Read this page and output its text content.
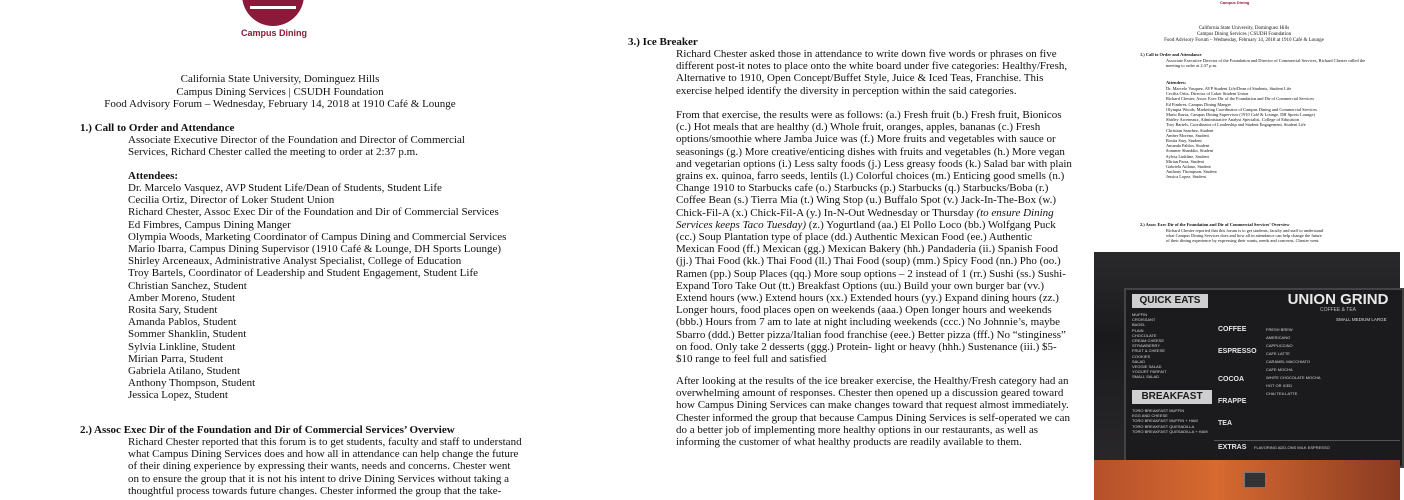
Campus Dining
California State University, Dominguez Hills
Campus Dining Services | CSUDH Foundation
Food Advisory Forum – Wednesday, February 14, 2018 at 1910 Café & Lounge
1.) Call to Order and Attendance
Associate Executive Director of the Foundation and Director of Commercial Services, Richard Chester called the meeting to order at 2:37 p.m.
Attendees:
Dr. Marcelo Vasquez, AVP Student Life/Dean of Students, Student Life
Cecilia Ortiz, Director of Loker Student Union
Richard Chester, Assoc Exec Dir of the Foundation and Dir of Commercial Services
Ed Fimbres, Campus Dining Manger
Olympia Woods, Marketing Coordinator of Campus Dining and Commercial Services
Mario Ibarra, Campus Dining Supervisor (1910 Café & Lounge, DH Sports Lounge)
Shirley Arceneaux, Administrative Analyst Specialist, College of Education
Troy Bartels, Coordinator of Leadership and Student Engagement, Student Life
Christian Sanchez, Student
Amber Moreno, Student
Rosita Sary, Student
Amanda Pablos, Student
Sommer Shanklin, Student
Sylvia Linkline, Student
Mirian Parra, Student
Gabriela Atilano, Student
Anthony Thompson, Student
Jessica Lopez, Student
2.) Assoc Exec Dir of the Foundation and Dir of Commercial Services’ Overview
Richard Chester reported that this forum is to get students, faculty and staff to understand
what Campus Dining Services does and how all in attendance can help change the future
of their dining experience by expressing their wants, needs and concerns. Chester went
on to ensure the group that it is not his intent to drive Dining Services without taking a
thoughtful process towards future changes. Chester informed the group that the take-
3.) Ice Breaker
Richard Chester asked those in attendance to write down five words or phrases on five
different post-it notes to place onto the white board under five categories: Healthy/Fresh,
Alternative to 1910, Open Concept/Buffet Style, Juice & Iced Teas, Franchise. This
exercise helped identify the diversity in perception within the said categories.
From that exercise, the results were as follows: (a.) Fresh fruit (b.) Fresh fruit, Bionicos
(c.) Hot meals that are healthy (d.) Whole fruit, oranges, apples, bananas (c.) Fresh
options/smoothie where Jamba Juice was (f.) More fruits and vegetables with sauce or
seasonings (g.) More creative/enticing dishes with fruits and vegetables (h.) More vegan
and vegetarian options (i.) Less salty foods (j.) Less greasy foods (k.) Salad bar with plain
grains ex. quinoa, farro seeds, lentils (l.) Colorful choices (m.) Enticing good smells (n.)
Change 1910 to Starbucks cafe (o.) Starbucks (p.) Starbucks (q.) Starbucks/Boba (r.)
Coffee Bean (s.) Tierra Mia (t.) Wing Stop (u.) Buffalo Spot (v.) Jack-In-The-Box (w.)
Chick-Fil-A (x.) Chick-Fil-A (y.) In-N-Out Wednesday or Thursday (to ensure Dining
Services keeps Taco Tuesday) (z.) Yogurtland (aa.) El Pollo Loco (bb.) Wolfgang Puck
(cc.) Soup Plantation type of place (dd.) Authentic Mexican Food (ee.) Authentic
Mexican Food (ff.) Mexican (gg.) Mexican Bakery (hh.) Pandaderia (ii.) Spanish Food
(jj.) Thai Food (kk.) Thai Food (ll.) Thai Food (soup) (mm.) Spicy Food (nn.) Pho (oo.)
Ramen (pp.) Soup Places (qq.) More soup options – 2 instead of 1 (rr.) Sushi (ss.) Sushi-
Expand Toro Take Out (tt.) Breakfast Options (uu.) Build your own burger bar (vv.)
Extend hours (ww.) Extend hours (xx.) Extended hours (yy.) Expand dining hours (zz.)
Longer hours, food places open on weekends (aaa.) Open longer hours and weekends
(bbb.) Hours from 7 am to late at night including weekends (ccc.) No Johnnie’s, maybe
Sbarro (ddd.) Better pizza/Italian food franchise (eee.) Better pizza (fff.) No “stinginess”
on food. Only take 2 desserts (ggg.) Protein- light or heavy (hhh.) Sustenance (iii.) $5-
$10 range to feel full and satisfied
After looking at the results of the ice breaker exercise, the Healthy/Fresh category had an
overwhelming amount of responses. Chester then opened up a discussion geared toward
how Campus Dining Services can make changes toward that request almost immediately.
Chester informed the group that because Campus Dining Services is self-operated we can
do a better job of implementing more healthy options in our restaurants, as well as
informing the customer of what healthy products are readily available to them.
Campus Dining
California State University, Dominguez Hills
Campus Dining Services | CSUDH Foundation
Food Advisory Forum – Wednesday, February 14, 2018 at 1910 Café & Lounge
1.) Call to Order and Attendance
Associate Executive Director of the Foundation and Director of Commercial Services, Richard Chester called the meeting to order at 2:37 p.m.
Attendees:
Dr. Marcelo Vasquez, AVP Student Life/Dean of Students, Student Life
Cecilia Ortiz, Director of Loker Student Union
Richard Chester, Assoc Exec Dir of the Foundation and Dir of Commercial Services
Ed Fimbres, Campus Dining Manger
Olympia Woods, Marketing Coordinator of Campus Dining and Commercial Services
Mario Ibarra, Campus Dining Supervisor (1910 Café & Lounge, DH Sports Lounge)
Shirley Arceneaux, Administrative Analyst Specialist, College of Education
Troy Bartels, Coordinator of Leadership and Student Engagement, Student Life
Christian Sanchez, Student
Amber Moreno, Student
Rosita Sary, Student
Amanda Pablos, Student
Sommer Shanklin, Student
Sylvia Linkline, Student
Mirian Parra, Student
Gabriela Atilano, Student
Anthony Thompson, Student
Jessica Lopez, Student
2.) Assoc Exec Dir of the Foundation and Dir of Commercial Services’ Overview
Richard Chester reported that this forum is to get students, faculty and staff to understand
what Campus Dining Services does and how all in attendance can help change the future
of their dining experience by expressing their wants, needs and concerns. Chester went
QUICK EATS
MUFFIN
CROISSANT
BAGEL
PLAIN
CHOCOLATE
CREAM CHEESE
STRAWBERRY
FRUIT & CHEESE
COOKIES
SALAD
VEGGIE SALAD
YOGURT PARFAIT
SMALL SALAD
BREAKFAST
TORO BREAKFAST MUFFIN
EGG AND CHEESE
TORO BREAKFAST MUFFIN + HAM
TORO BREAKFAST QUESADILLA
TORO BREAKFAST QUESADILLA + HAM
UNION GRIND
COFFEE & TEA
SMALL MEDIUM LARGE
COFFEE
ESPRESSO
COCOA
FRAPPE
TEA
EXTRAS
FRESH BREW
AMERICANO
CAPPUCCINO
CAFE LATTE
CARAMEL MACCHIATO
CAFE MOCHA
WHITE CHOCOLATE MOCHA
HOT OR ICED
CHAI TEA LATTE
FLAVORING ADD-ONS MILK ESPRESSO
